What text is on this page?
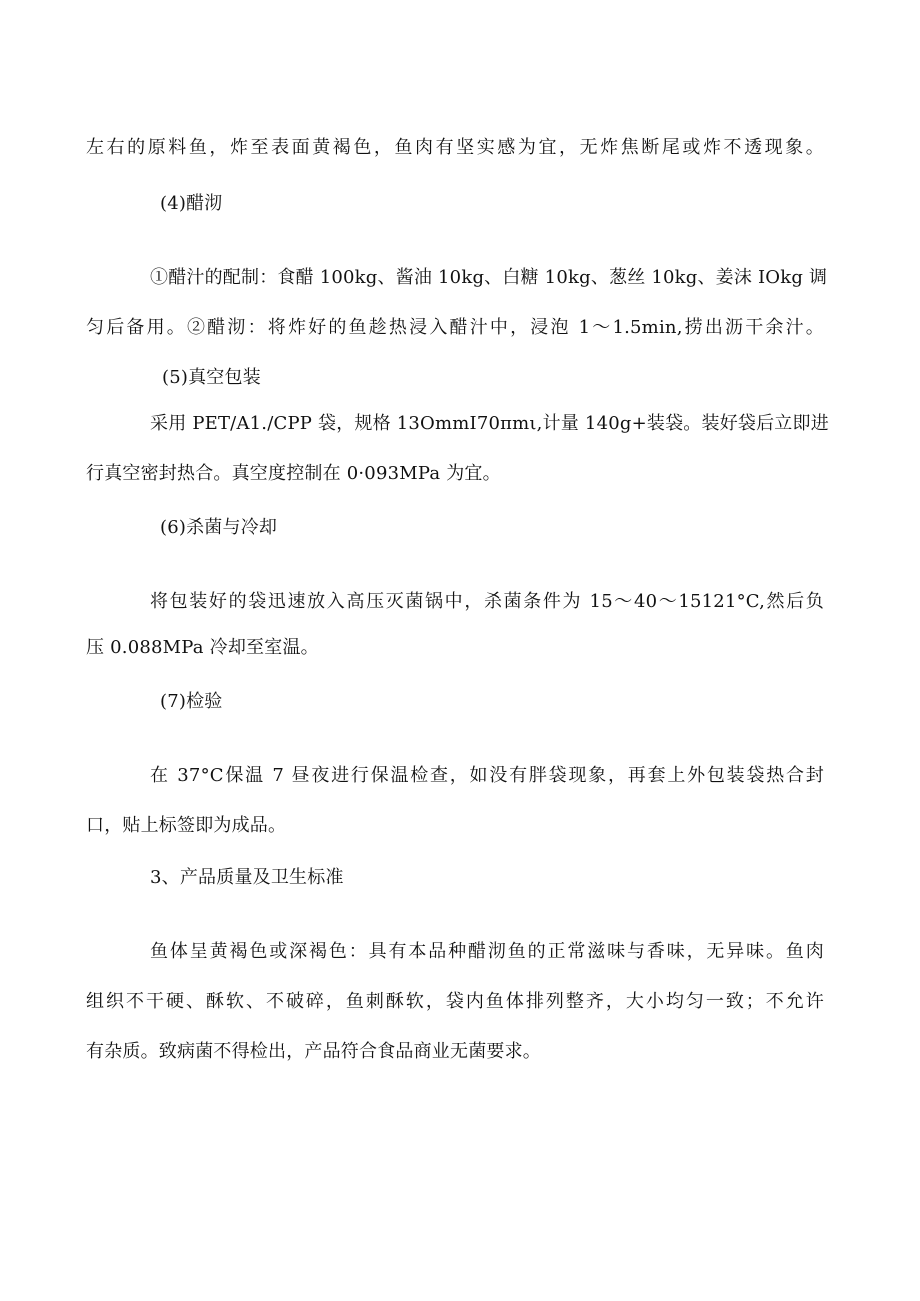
左右的原料鱼，炸至表面黄褐色，鱼肉有坚实感为宜，无炸焦断尾或炸不透现象。
(4)醋沏
①醋汁的配制：食醋 100kg、酱油 10kg、白糖 10kg、葱丝 10kg、姜沫 IOkg 调
匀后备用。②醋沏：将炸好的鱼趁热浸入醋汁中，浸泡 1～1.5min,捞出沥干余汁。
(5)真空包装
采用 PET/A1./CPP 袋，规格 13OmmI70πmι,计量 140g+装袋。装好袋后立即进
行真空密封热合。真空度控制在 0·093MPa 为宜。
(6)杀菌与冷却
将包装好的袋迅速放入高压灭菌锅中，杀菌条件为 15～40～15121°C,然后负
压 0.088MPa 冷却至室温。
(7)检验
在 37°C保温 7 昼夜进行保温检查，如没有胖袋现象，再套上外包装袋热合封
口，贴上标签即为成品。
3、产品质量及卫生标准
鱼体呈黄褐色或深褐色：具有本品种醋沏鱼的正常滋味与香味，无异味。鱼肉
组织不干硬、酥软、不破碎，鱼刺酥软，袋内鱼体排列整齐，大小均匀一致；不允许
有杂质。致病菌不得检出，产品符合食品商业无菌要求。
